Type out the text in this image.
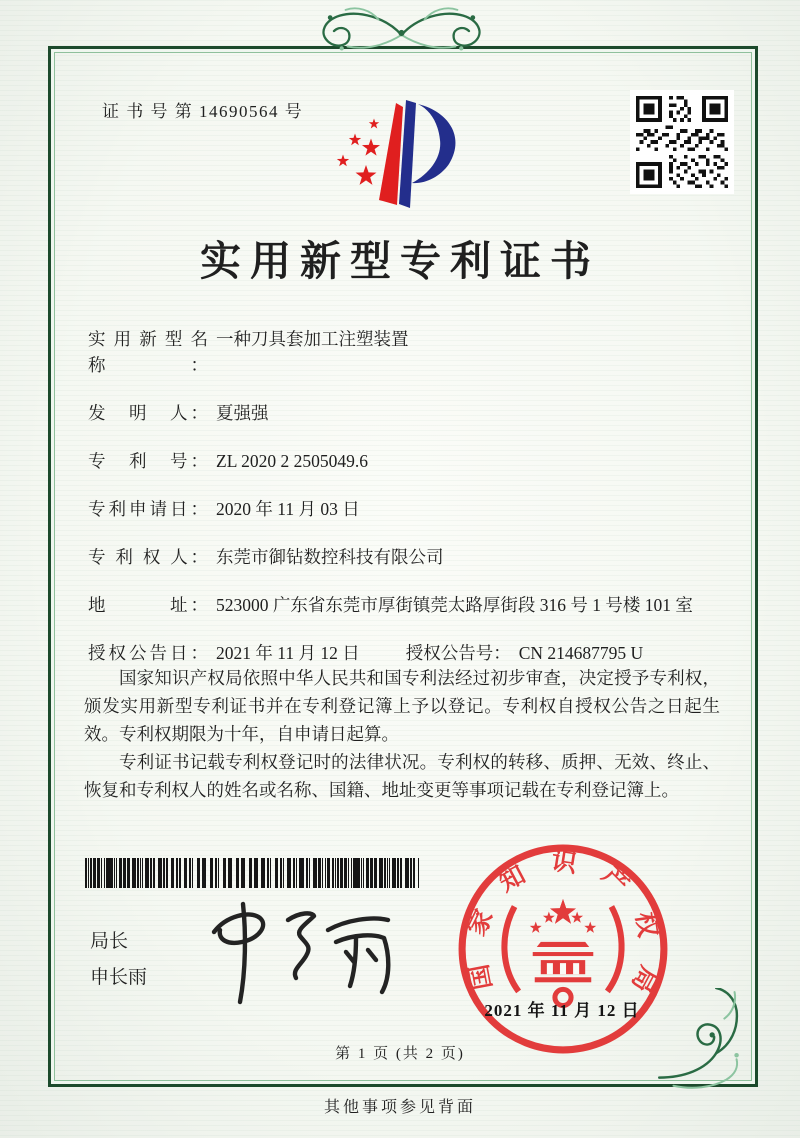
证 书 号 第 14690564 号
实用新型专利证书
实用新型名称：
一种刀具套加工注塑装置
发　明　人： 夏强强
专　利　号： ZL 2020 2 2505049.6
专利申请日： 2020 年 11 月 03 日
专 利 权 人： 东莞市御钻数控科技有限公司
地　　　址： 523000 广东省东莞市厚街镇莞太路厚街段 316 号 1 号楼 101 室
授权公告日： 2021 年 11 月 12 日	授权公告号： CN 214687795 U

国家知识产权局依照中华人民共和国专利法经过初步审查，决定授予专利权，颁发实用新型专利证书并在专利登记簿上予以登记。专利权自授权公告之日起生效。专利权期限为十年，自申请日起算。

专利证书记载专利权登记时的法律状况。专利权的转移、质押、无效、终止、恢复和专利权人的姓名或名称、国籍、地址变更等事项记载在专利登记簿上。

局长
申长雨	国家知识产权局
2021 年 11 月 12 日
第 1 页 (共 2 页)
其他事项参见背面
